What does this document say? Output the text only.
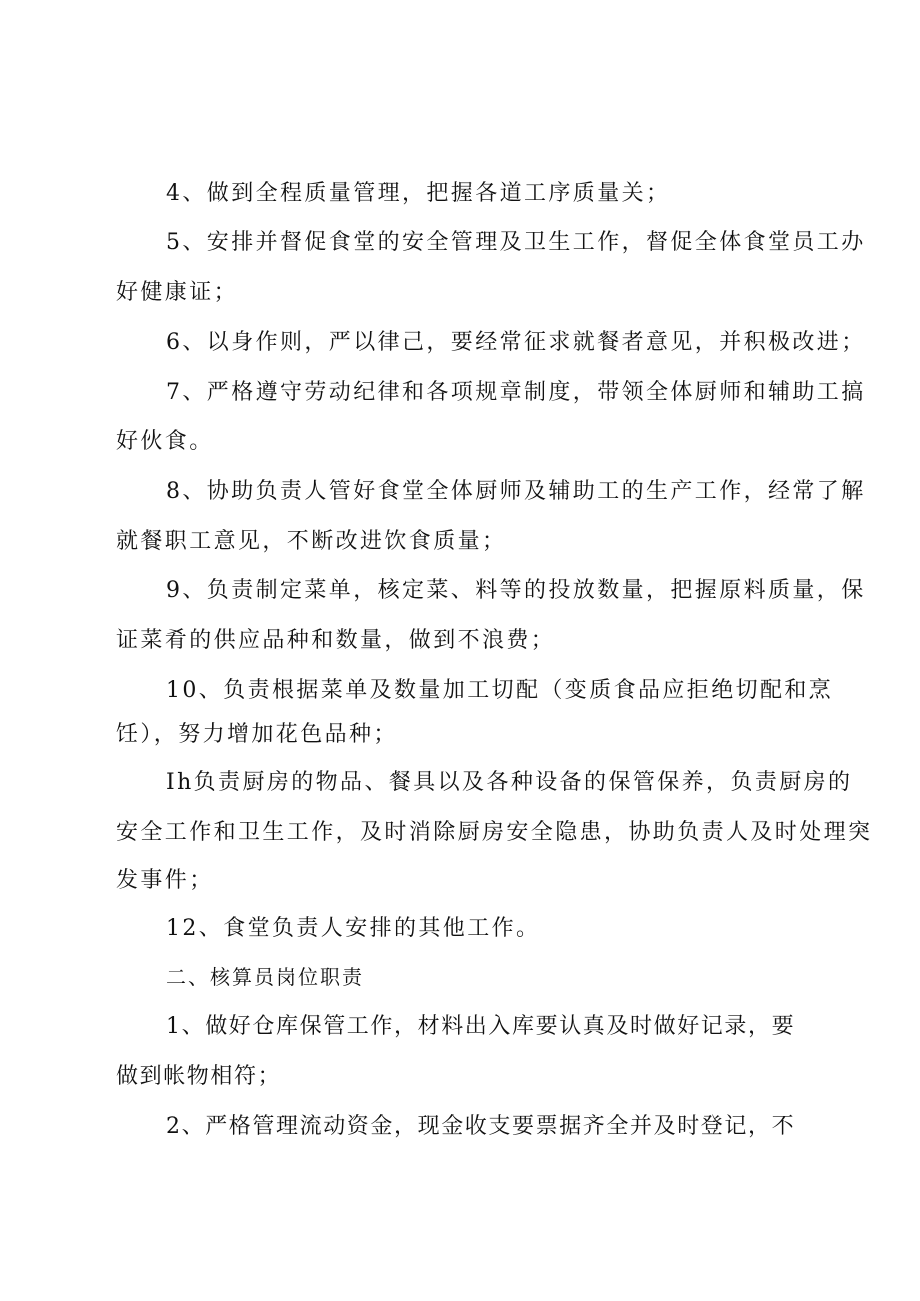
4、做到全程质量管理，把握各道工序质量关；
5、安排并督促食堂的安全管理及卫生工作，督促全体食堂员工办
好健康证；
6、以身作则，严以律己，要经常征求就餐者意见，并积极改进；
7、严格遵守劳动纪律和各项规章制度，带领全体厨师和辅助工搞
好伙食。
8、协助负责人管好食堂全体厨师及辅助工的生产工作，经常了解
就餐职工意见，不断改进饮食质量；
9、负责制定菜单，核定菜、料等的投放数量，把握原料质量，保
证菜肴的供应品种和数量，做到不浪费；
10、负责根据菜单及数量加工切配（变质食品应拒绝切配和烹
饪），努力增加花色品种；
Ih负责厨房的物品、餐具以及各种设备的保管保养，负责厨房的
安全工作和卫生工作，及时消除厨房安全隐患，协助负责人及时处理突
发事件；
12、食堂负责人安排的其他工作。
二、核算员岗位职责
1、做好仓库保管工作，材料出入库要认真及时做好记录，要
做到帐物相符；
2、严格管理流动资金，现金收支要票据齐全并及时登记，不
